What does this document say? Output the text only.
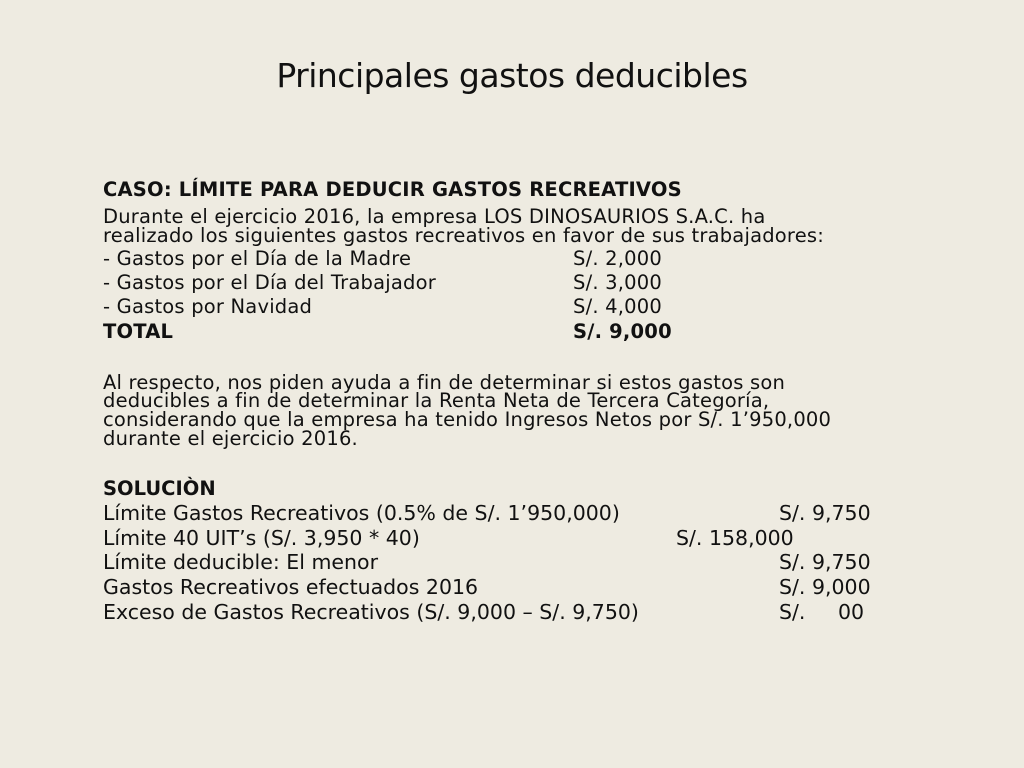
Principales gastos deducibles
CASO: LÍMITE PARA DEDUCIR GASTOS RECREATIVOS
Durante el ejercicio 2016, la empresa LOS DINOSAURIOS S.A.C. ha
realizado los siguientes gastos recreativos en favor de sus trabajadores:
- Gastos por el Día de la Madre	S/. 2,000
- Gastos por el Día del Trabajador	S/. 3,000
- Gastos por Navidad	S/. 4,000
TOTAL	S/. 9,000
Al respecto, nos piden ayuda a fin de determinar si estos gastos son
deducibles a fin de determinar la Renta Neta de Tercera Categoría,
considerando que la empresa ha tenido Ingresos Netos por S/. 1’950,000
durante el ejercicio 2016.
SOLUCIÒN
Límite Gastos Recreativos (0.5% de S/. 1’950,000)	S/. 9,750
Límite 40 UIT’s (S/. 3,950 * 40)	S/. 158,000
Límite deducible: El menor	S/. 9,750
Gastos Recreativos efectuados 2016	S/. 9,000
Exceso de Gastos Recreativos (S/. 9,000 – S/. 9,750)	S/.     00
